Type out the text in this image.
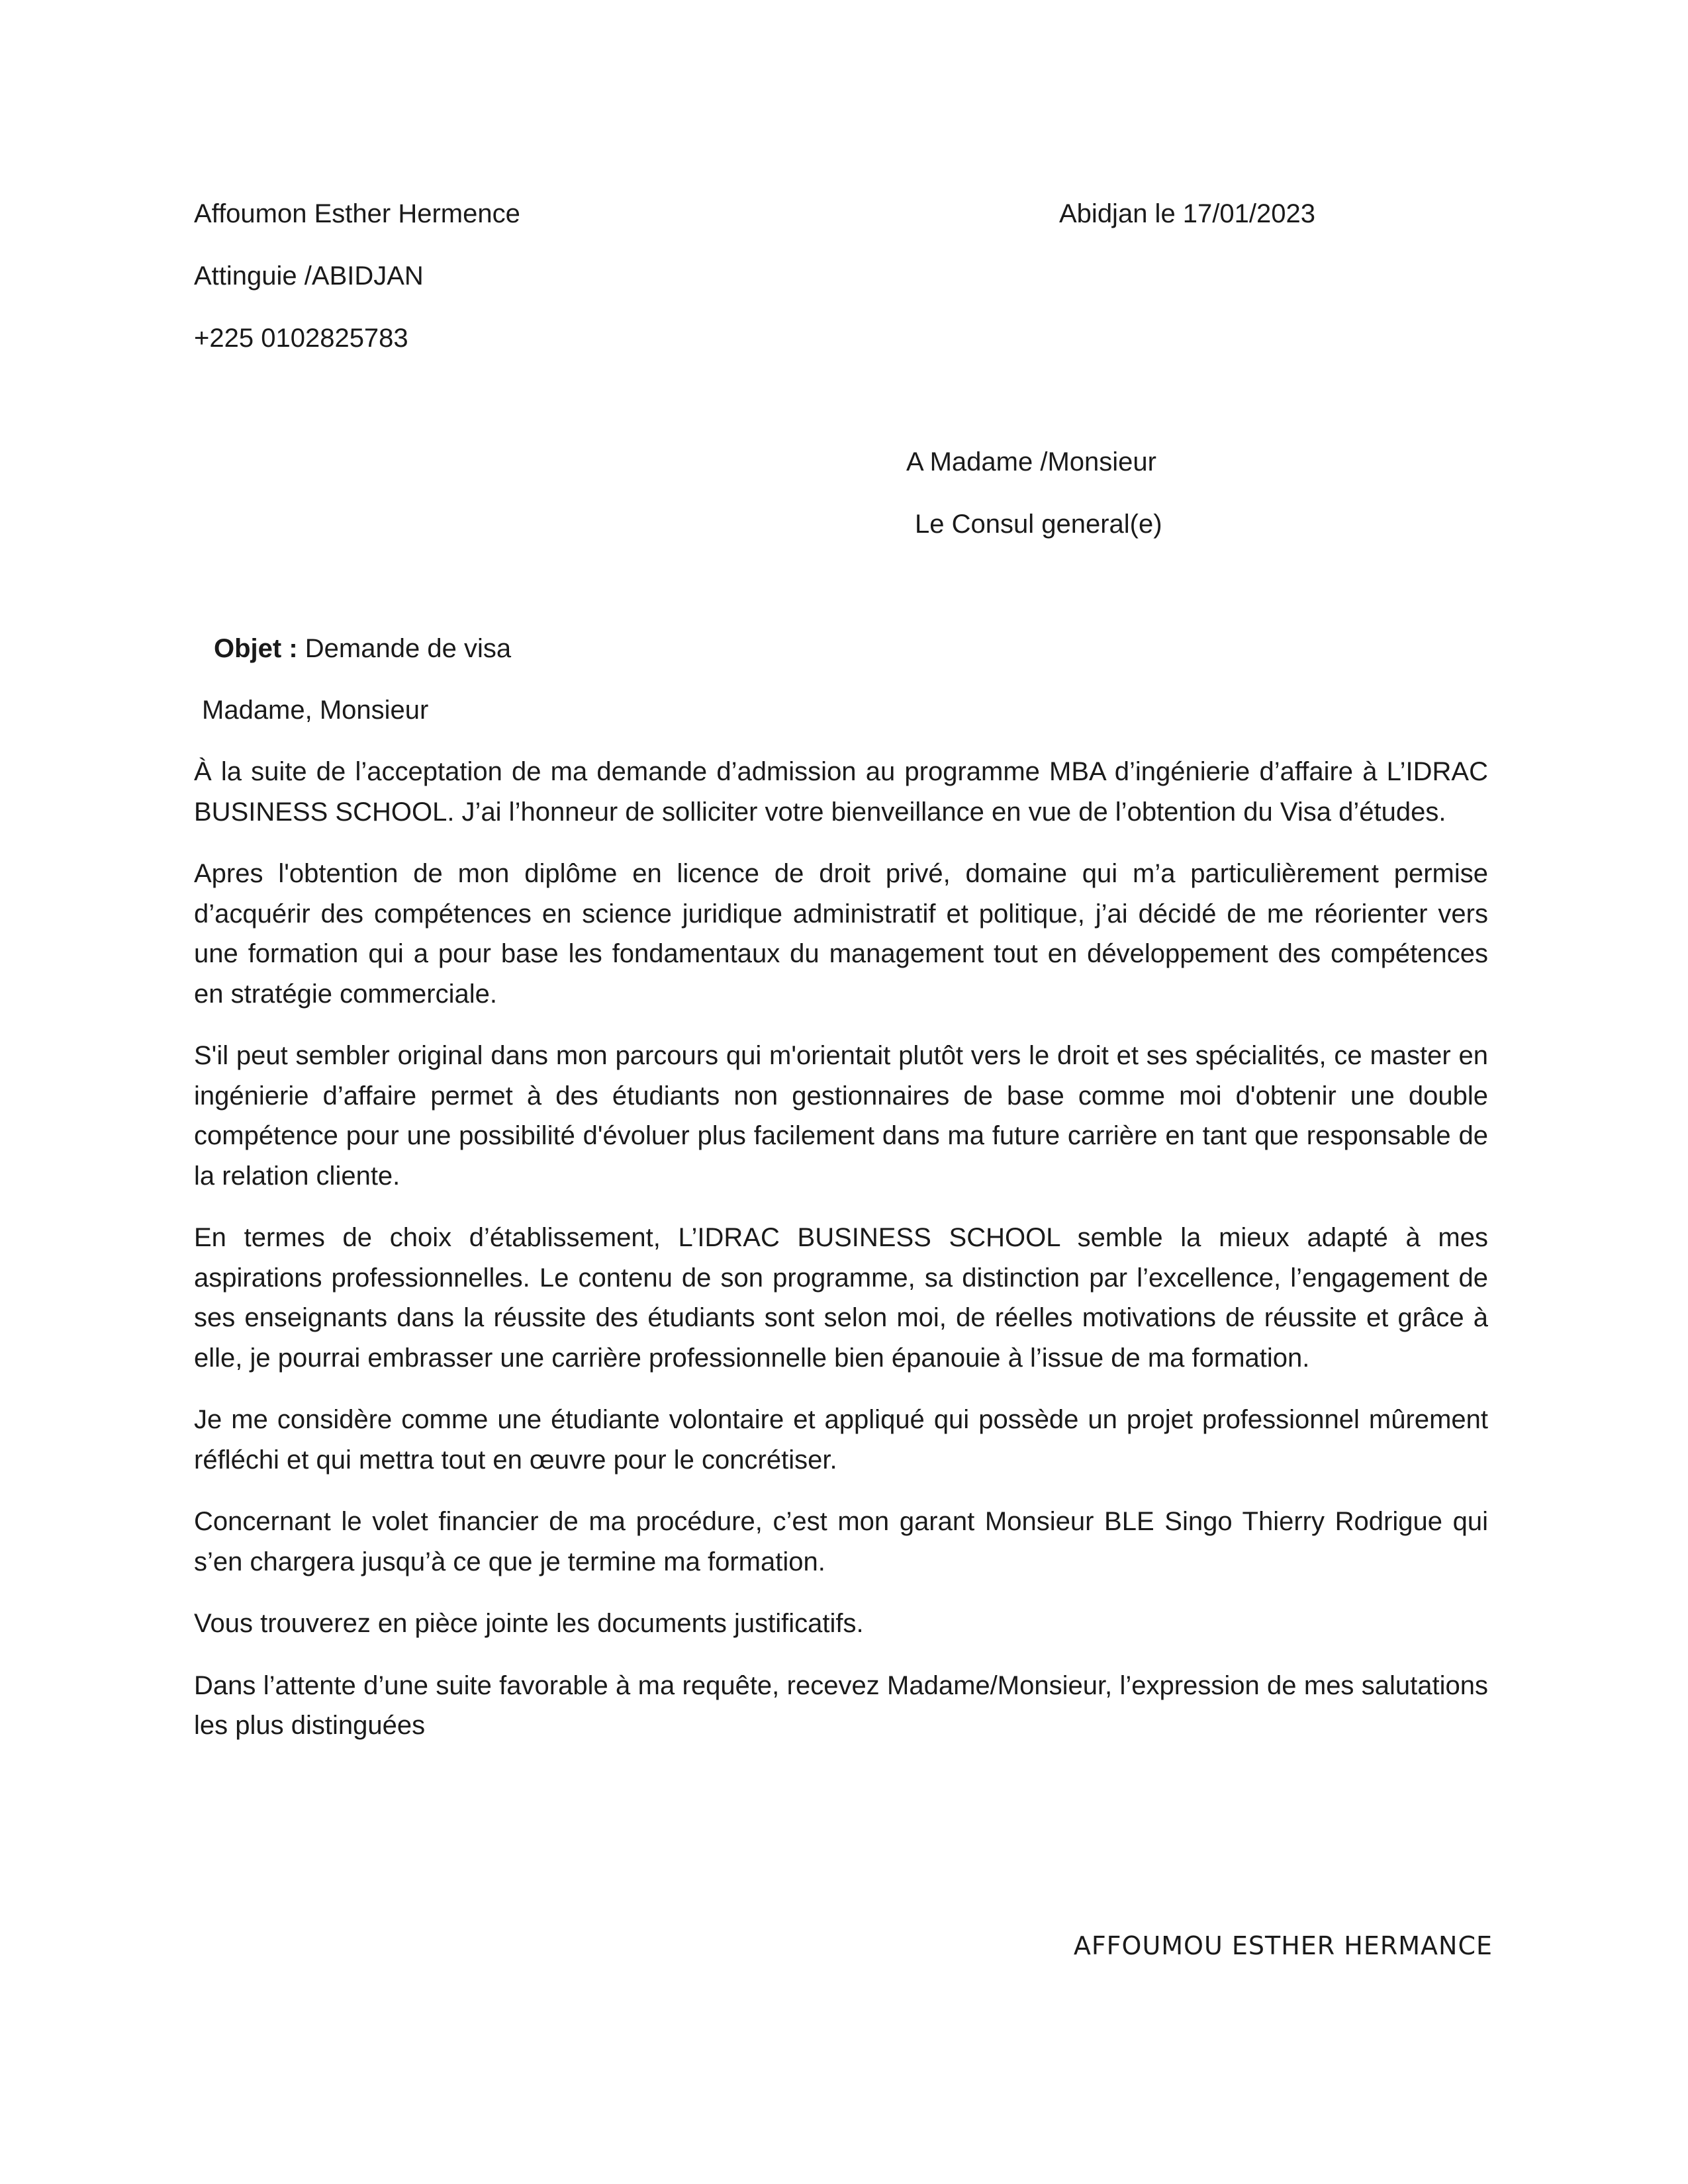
Affoumon Esther Hermence
Attinguie /ABIDJAN
+225 0102825783
Abidjan le 17/01/2023
A Madame /Monsieur
Le Consul general(e)
Objet : Demande de visa
Madame, Monsieur

À la suite de l’acceptation de ma demande d’admission au programme MBA d’ingénierie d’affaire à L’IDRAC BUSINESS SCHOOL. J’ai l’honneur de solliciter votre bienveillance en vue de l’obtention du Visa d’études.

Apres l'obtention de mon diplôme en licence de droit privé, domaine qui m’a particulièrement permise d’acquérir des compétences en science juridique administratif et politique, j’ai décidé de me réorienter vers une formation qui a pour base les fondamentaux du management tout en développement des compétences en stratégie commerciale.

S'il peut sembler original dans mon parcours qui m'orientait plutôt vers le droit et ses spécialités, ce master en ingénierie d’affaire permet à des étudiants non gestionnaires de base comme moi d'obtenir une double compétence pour une possibilité d'évoluer plus facilement dans ma future carrière en tant que responsable de la relation cliente.

En termes de choix d’établissement, L’IDRAC BUSINESS SCHOOL semble la mieux adapté à mes aspirations professionnelles. Le contenu de son programme, sa distinction par l’excellence, l’engagement de ses enseignants dans la réussite des étudiants sont selon moi, de réelles motivations de réussite et grâce à elle, je pourrai embrasser une carrière professionnelle bien épanouie à l’issue de ma formation.

Je me considère comme une étudiante volontaire et appliqué qui possède un projet professionnel mûrement réfléchi et qui mettra tout en œuvre pour le concrétiser.

Concernant le volet financier de ma procédure, c’est mon garant Monsieur BLE Singo Thierry Rodrigue qui s’en chargera jusqu’à ce que je termine ma formation.

Vous trouverez en pièce jointe les documents justificatifs.

Dans l’attente d’une suite favorable à ma requête, recevez Madame/Monsieur, l’expression de mes salutations les plus distinguées

AFFOUMOU ESTHER HERMANCE
